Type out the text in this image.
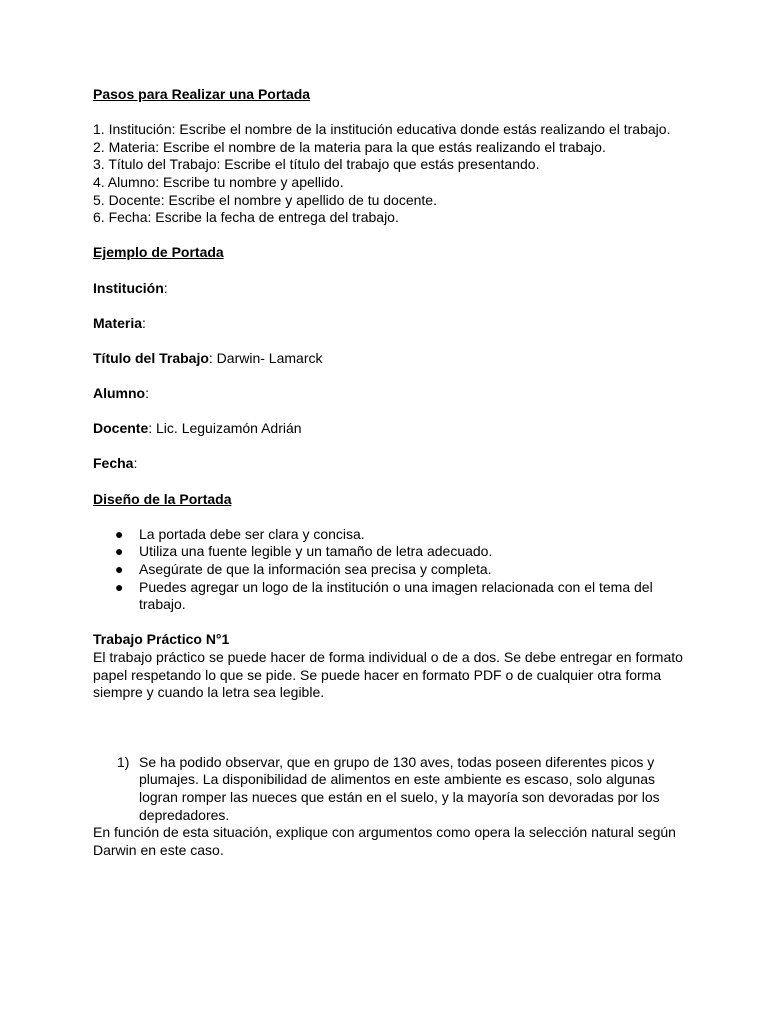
Pasos para Realizar una Portada

1. Institución: Escribe el nombre de la institución educativa donde estás realizando el trabajo.

2. Materia: Escribe el nombre de la materia para la que estás realizando el trabajo.

3. Título del Trabajo: Escribe el título del trabajo que estás presentando.

4. Alumno: Escribe tu nombre y apellido.

5. Docente: Escribe el nombre y apellido de tu docente.

6. Fecha: Escribe la fecha de entrega del trabajo.

Ejemplo de Portada

Institución:

Materia:

Título del Trabajo: Darwin- Lamarck

Alumno:

Docente: Lic. Leguizamón Adrián

Fecha:

Diseño de la Portada

● La portada debe ser clara y concisa.
● Utiliza una fuente legible y un tamaño de letra adecuado.
● Asegúrate de que la información sea precisa y completa.
● Puedes agregar un logo de la institución o una imagen relacionada con el tema del trabajo.

Trabajo Práctico N°1

El trabajo práctico se puede hacer de forma individual o de a dos. Se debe entregar en formato papel respetando lo que se pide. Se puede hacer en formato PDF o de cualquier otra forma siempre y cuando la letra sea legible.

1) Se ha podido observar, que en grupo de 130 aves, todas poseen diferentes picos y plumajes. La disponibilidad de alimentos en este ambiente es escaso, solo algunas logran romper las nueces que están en el suelo, y la mayoría son devoradas por los depredadores.

En función de esta situación, explique con argumentos como opera la selección natural según Darwin en este caso.
